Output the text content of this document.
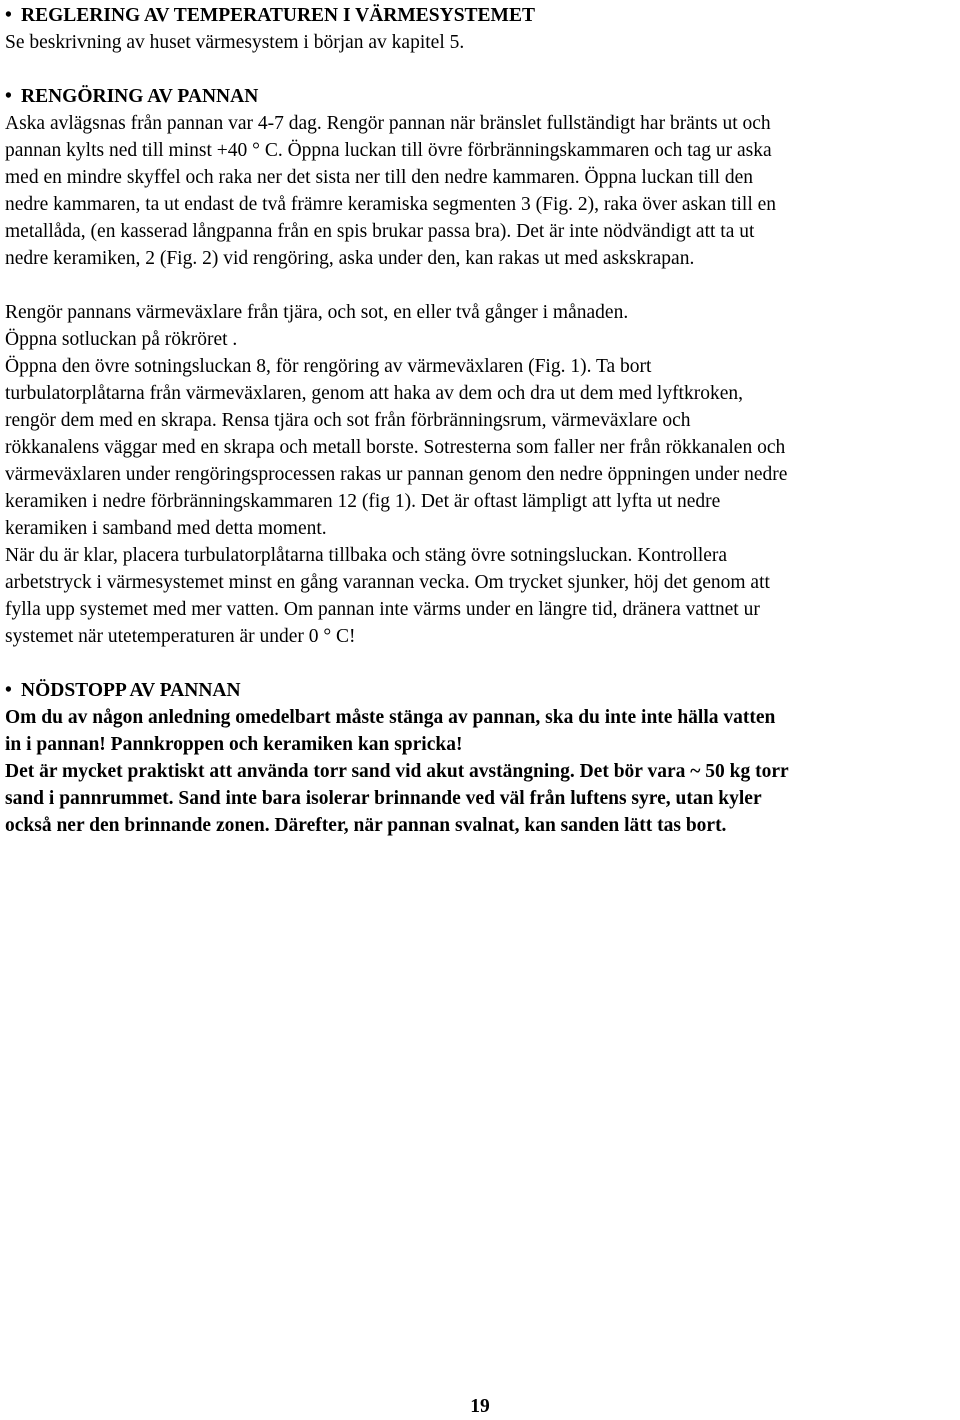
• REGLERING AV TEMPERATUREN I VÄRMESYSTEMET
Se beskrivning av huset värmesystem i början av kapitel 5.
• RENGÖRING AV PANNAN
Aska avlägsnas från pannan var 4-7 dag. Rengör pannan när bränslet fullständigt har bränts ut och
pannan kylts ned till minst +40 ° C. Öppna luckan till övre förbränningskammaren och tag ur aska
med en mindre skyffel och raka ner det sista ner till den nedre kammaren. Öppna luckan till den
nedre kammaren, ta ut endast de två främre keramiska segmenten 3 (Fig. 2), raka över askan till en
metallåda, (en kasserad långpanna från en spis brukar passa bra). Det är inte nödvändigt att ta ut
nedre keramiken, 2 (Fig. 2) vid rengöring, aska under den, kan rakas ut med askskrapan.
Rengör pannans värmeväxlare från tjära, och sot, en eller två gånger i månaden.
Öppna sotluckan på rökröret .
Öppna den övre sotningsluckan 8, för rengöring av värmeväxlaren (Fig. 1). Ta bort
turbulatorplåtarna från värmeväxlaren, genom att haka av dem och dra ut dem med lyftkroken,
rengör dem med en skrapa. Rensa tjära och sot från förbränningsrum, värmeväxlare och
rökkanalens väggar med en skrapa och metall borste. Sotresterna som faller ner från rökkanalen och
värmeväxlaren under rengöringsprocessen rakas ur pannan genom den nedre öppningen under nedre
keramiken i nedre förbränningskammaren 12 (fig 1). Det är oftast lämpligt att lyfta ut nedre
keramiken i samband med detta moment.
När du är klar, placera turbulatorplåtarna tillbaka och stäng övre sotningsluckan. Kontrollera
arbetstryck i värmesystemet minst en gång varannan vecka. Om trycket sjunker, höj det genom att
fylla upp systemet med mer vatten. Om pannan inte värms under en längre tid, dränera vattnet ur
systemet när utetemperaturen är under 0 ° C!
• NÖDSTOPP AV PANNAN
Om du av någon anledning omedelbart måste stänga av pannan, ska du inte inte hälla vatten
in i pannan! Pannkroppen och keramiken kan spricka!
Det är mycket praktiskt att använda torr sand vid akut avstängning. Det bör vara ~ 50 kg torr
sand i pannrummet. Sand inte bara isolerar brinnande ved väl från luftens syre, utan kyler
också ner den brinnande zonen. Därefter, när pannan svalnat, kan sanden lätt tas bort.
19
